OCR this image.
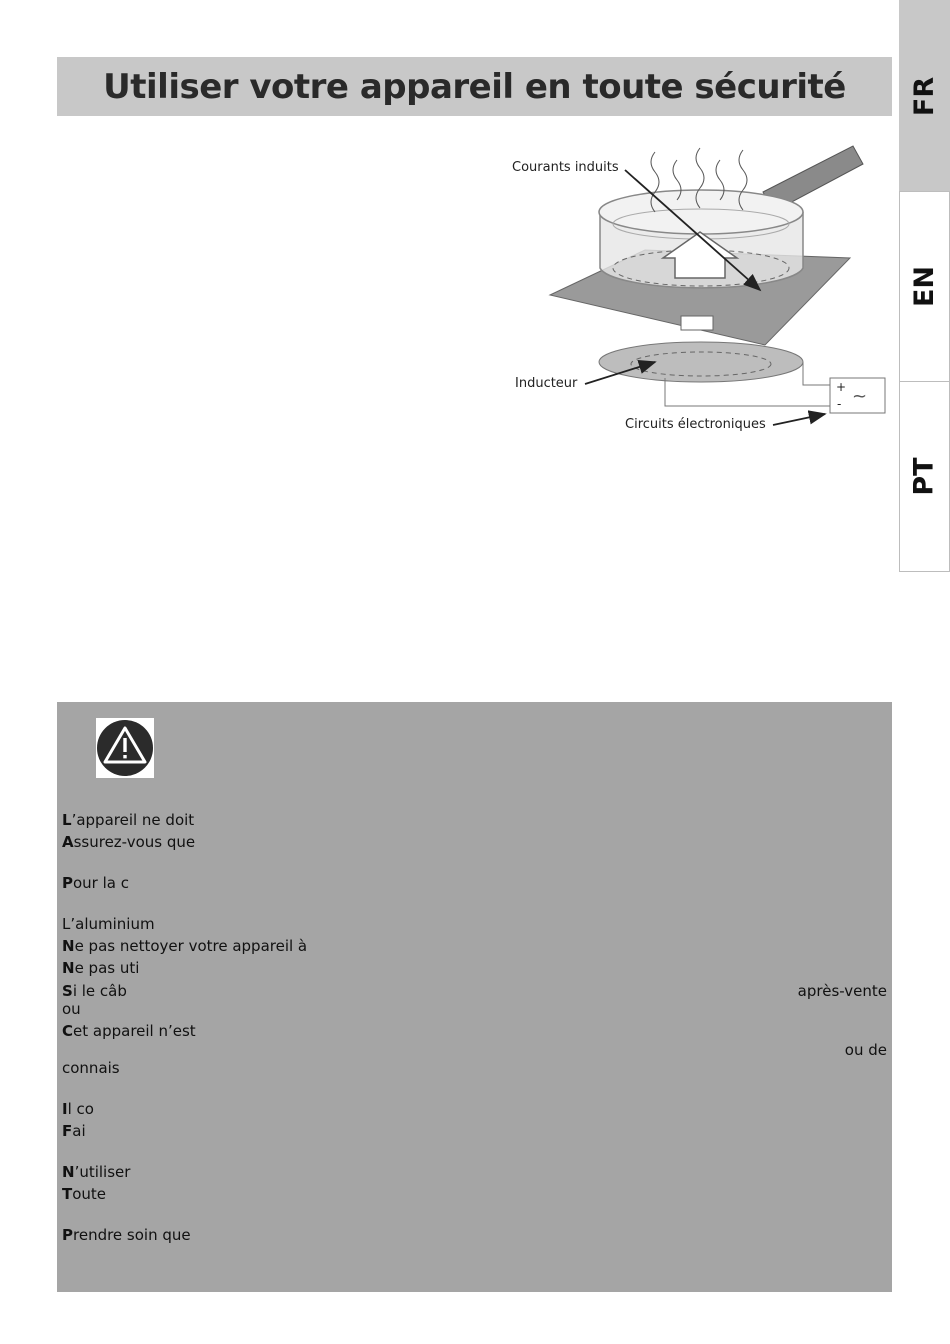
Utiliser votre appareil en toute sécurité FR
EN
PT
+
- ~
Courants induits
Inducteur
Circuits électroniques
L’appareil ne doit
Assurez-vous que
Pour la c
L’aluminium
Ne pas nettoyer votre appareil à
Ne pas uti
Si le câb	après-vente
ou
Cet appareil n’est
ou de
connais
Il co
Fai
N’utiliser
Toute
Prendre soin que
